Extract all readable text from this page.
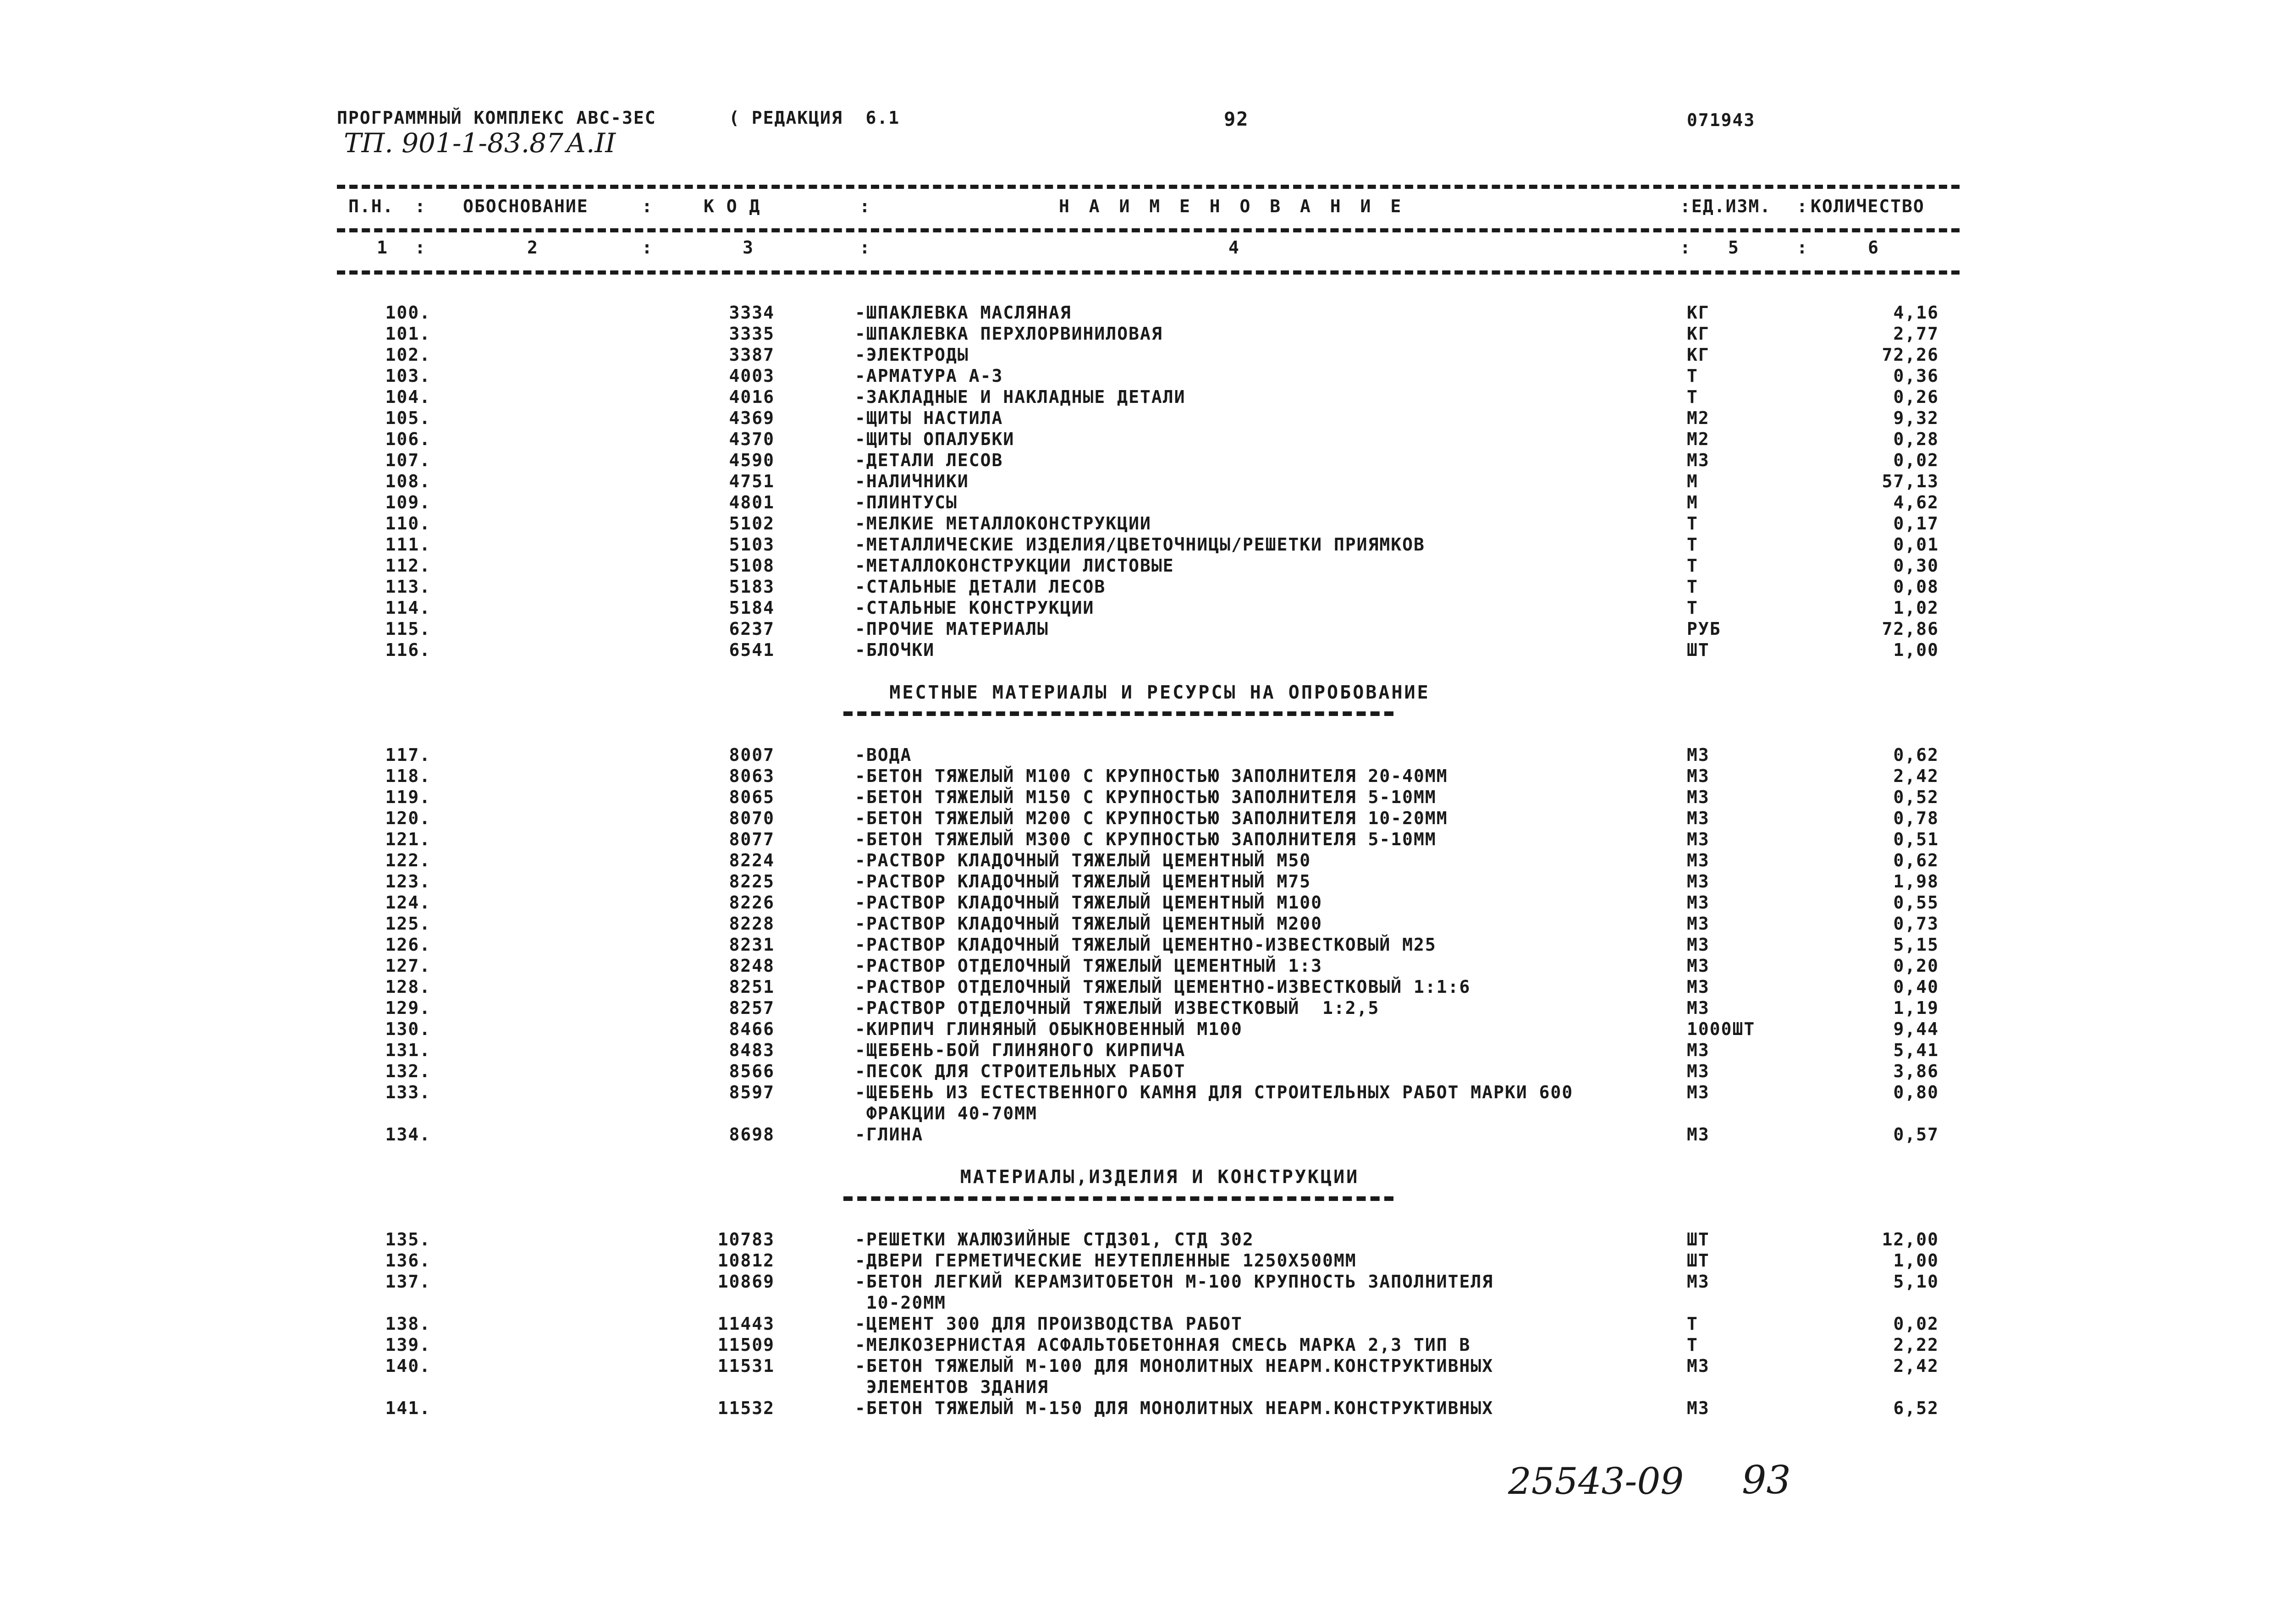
ПРОГРАММНЫЙ КОМПЛЕКС АВС-3ЕС	( РЕДАКЦИЯ  6.1	92	071943
ТП. 901-1-83.87 А.II
П.Н. : ОБОСНОВАНИЕ	:	К О Д	:	Н А И М Е Н О В А Н И Е	: ЕД.ИЗМ. : КОЛИЧЕСТВО
1 :	2	:	3	:	4	: 5	:	6
МЕСТНЫЕ МАТЕРИАЛЫ И РЕСУРСЫ НА ОПРОБОВАНИЕ
МАТЕРИАЛЫ,ИЗДЕЛИЯ И КОНСТРУКЦИИ
100.	3334	-ШПАКЛЕВКА МАСЛЯНАЯ	КГ	4,16
101.	3335	-ШПАКЛЕВКА ПЕРХЛОРВИНИЛОВАЯ	КГ	2,77
102.	3387	-ЭЛЕКТРОДЫ	КГ	72,26
103.	4003	-АРМАТУРА А-3	Т	0,36
104.	4016	-ЗАКЛАДНЫЕ И НАКЛАДНЫЕ ДЕТАЛИ	Т	0,26
105.	4369	-ЩИТЫ НАСТИЛА	М2	9,32
106.	4370	-ЩИТЫ ОПАЛУБКИ	М2	0,28
107.	4590	-ДЕТАЛИ ЛЕСОВ	М3	0,02
108.	4751	-НАЛИЧНИКИ	М	57,13
109.	4801	-ПЛИНТУСЫ	М	4,62
110.	5102	-МЕЛКИЕ МЕТАЛЛОКОНСТРУКЦИИ	Т	0,17
111.	5103	-МЕТАЛЛИЧЕСКИЕ ИЗДЕЛИЯ/ЦВЕТОЧНИЦЫ/РЕШЕТКИ ПРИЯМКОВ	Т	0,01
112.	5108	-МЕТАЛЛОКОНСТРУКЦИИ ЛИСТОВЫЕ	Т	0,30
113.	5183	-СТАЛЬНЫЕ ДЕТАЛИ ЛЕСОВ	Т	0,08
114.	5184	-СТАЛЬНЫЕ КОНСТРУКЦИИ	Т	1,02
115.	6237	-ПРОЧИЕ МАТЕРИАЛЫ	РУБ	72,86
116.	6541	-БЛОЧКИ	ШТ	1,00
117.	8007	-ВОДА	М3	0,62
118.	8063	-БЕТОН ТЯЖЕЛЫЙ М100 С КРУПНОСТЬЮ ЗАПОЛНИТЕЛЯ 20-40ММ	М3	2,42
119.	8065	-БЕТОН ТЯЖЕЛЫЙ М150 С КРУПНОСТЬЮ ЗАПОЛНИТЕЛЯ 5-10ММ	М3	0,52
120.	8070	-БЕТОН ТЯЖЕЛЫЙ М200 С КРУПНОСТЬЮ ЗАПОЛНИТЕЛЯ 10-20ММ	М3	0,78
121.	8077	-БЕТОН ТЯЖЕЛЫЙ М300 С КРУПНОСТЬЮ ЗАПОЛНИТЕЛЯ 5-10ММ	М3	0,51
122.	8224	-РАСТВОР КЛАДОЧНЫЙ ТЯЖЕЛЫЙ ЦЕМЕНТНЫЙ М50	М3	0,62
123.	8225	-РАСТВОР КЛАДОЧНЫЙ ТЯЖЕЛЫЙ ЦЕМЕНТНЫЙ М75	М3	1,98
124.	8226	-РАСТВОР КЛАДОЧНЫЙ ТЯЖЕЛЫЙ ЦЕМЕНТНЫЙ М100	М3	0,55
125.	8228	-РАСТВОР КЛАДОЧНЫЙ ТЯЖЕЛЫЙ ЦЕМЕНТНЫЙ М200	М3	0,73
126.	8231	-РАСТВОР КЛАДОЧНЫЙ ТЯЖЕЛЫЙ ЦЕМЕНТНО-ИЗВЕСТКОВЫЙ М25	М3	5,15
127.	8248	-РАСТВОР ОТДЕЛОЧНЫЙ ТЯЖЕЛЫЙ ЦЕМЕНТНЫЙ 1:3	М3	0,20
128.	8251	-РАСТВОР ОТДЕЛОЧНЫЙ ТЯЖЕЛЫЙ ЦЕМЕНТНО-ИЗВЕСТКОВЫЙ 1:1:6	М3	0,40
129.	8257	-РАСТВОР ОТДЕЛОЧНЫЙ ТЯЖЕЛЫЙ ИЗВЕСТКОВЫЙ  1:2,5	М3	1,19
130.	8466	-КИРПИЧ ГЛИНЯНЫЙ ОБЫКНОВЕННЫЙ М100	1000ШТ	9,44
131.	8483	-ЩЕБЕНЬ-БОЙ ГЛИНЯНОГО КИРПИЧА	М3	5,41
132.	8566	-ПЕСОК ДЛЯ СТРОИТЕЛЬНЫХ РАБОТ	М3	3,86
133.	8597	-ЩЕБЕНЬ ИЗ ЕСТЕСТВЕННОГО КАМНЯ ДЛЯ СТРОИТЕЛЬНЫХ РАБОТ МАРКИ 600	М3	0,80
ФРАКЦИИ 40-70ММ
134.	8698	-ГЛИНА	М3	0,57
135.	10783	-РЕШЕТКИ ЖАЛЮЗИЙНЫЕ СТД301, СТД 302	ШТ	12,00
136.	10812	-ДВЕРИ ГЕРМЕТИЧЕСКИЕ НЕУТЕПЛЕННЫЕ 1250Х500ММ	ШТ	1,00
137.	10869	-БЕТОН ЛЕГКИЙ КЕРАМЗИТОБЕТОН М-100 КРУПНОСТЬ ЗАПОЛНИТЕЛЯ	М3	5,10
10-20ММ
138.	11443	-ЦЕМЕНТ 300 ДЛЯ ПРОИЗВОДСТВА РАБОТ	Т	0,02
139.	11509	-МЕЛКОЗЕРНИСТАЯ АСФАЛЬТОБЕТОННАЯ СМЕСЬ МАРКА 2,3 ТИП В	Т	2,22
140.	11531	-БЕТОН ТЯЖЕЛЫЙ М-100 ДЛЯ МОНОЛИТНЫХ НЕАРМ.КОНСТРУКТИВНЫХ	М3	2,42
ЭЛЕМЕНТОВ ЗДАНИЯ
141.	11532	-БЕТОН ТЯЖЕЛЫЙ М-150 ДЛЯ МОНОЛИТНЫХ НЕАРМ.КОНСТРУКТИВНЫХ	М3	6,52
25543-09 93
